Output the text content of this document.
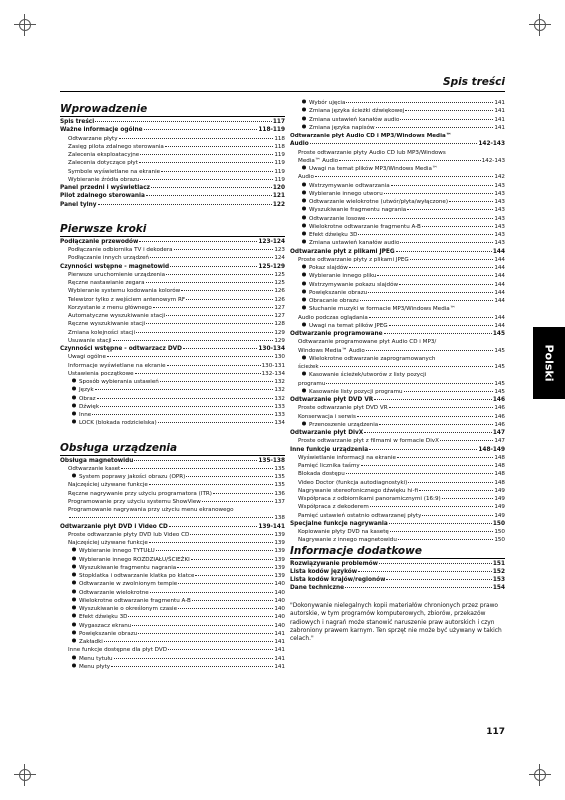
Spis treści
Wprowadzenie
Spis treści	117
Ważne informacje ogólne	118-119
Odtwarzane płyty	118
Zasięg pilota zdalnego sterowania	118
Zalecenia eksploatacyjne	119
Zalecenia dotyczące płyt	119
Symbole wyświetlane na ekranie	119
Wybieranie źródła obrazu	119
Panel przedni i wyświetlacz	120
Pilot zdalnego sterowania	121
Panel tylny	122
Pierwsze kroki
Podłączanie przewodów	123-124
Podłączanie odbiornika TV i dekodera	123
Podłączanie innych urządzeń	124
Czynności wstępne - magnetowid	125-129
Pierwsze uruchomienie urządzenia	125
Ręczne nastawianie zegara	125
Wybieranie systemu kodowania kolorów	126
Telewizor tylko z wejściem antenowym RF	126
Korzystanie z menu głównego	127
Automatyczne wyszukiwanie stacji	127
Ręczne wyszukiwanie stacji	128
Zmiana kolejności stacji	129
Usuwanie stacji	129
Czynności wstępne - odtwarzacz DVD	130-134
Uwagi ogólne	130
Informacje wyświetlane na ekranie	130-131
Ustawienia początkowe	132-134
Sposób wybierania ustawień	132
Język	132
Obraz	132
Dźwięk	133
Inne	133
LOCK (blokada rodzicielska)	134
Obsługa urządzenia
Obsługa magnetowidu	135-138
Odtwarzanie kaset	135
System poprawy jakości obrazu (OPR)	135
Najczęściej używane funkcje	135
Ręczne nagrywanie przy użyciu programatora (ITR)	136
Programowanie przy użyciu systemu ShowView	137
Programowanie nagrywania przy użyciu menu ekranowego
138
Odtwarzanie płyt DVD i Video CD	139-141
Proste odtwarzanie płyty DVD lub Video CD	139
Najczęściej używane funkcje	139
Wybieranie innego TYTUŁU	139
Wybieranie innego ROZDZIAŁU/ŚCIEŻKI	139
Wyszukiwanie fragmentu nagrania	139
Stopklatka i odtwarzanie klatka po klatce	139
Odtwarzanie w zwolnionym tempie	140
Odtwarzanie wielokrotne	140
Wielokrotne odtwarzanie fragmentu A-B	140
Wyszukiwanie o określonym czasie	140
Efekt dźwięku 3D	140
Wygaszacz ekranu	140
Powiększanie obrazu	141
Zakładki	141
Inne funkcje dostępne dla płyt DVD	141
Menu tytułu	141
Menu płyty	141
Wybór ujęcia	141
Zmiana języka ścieżki dźwiękowej	141
Zmiana ustawień kanałów audio	141
Zmiana języka napisów	141
Odtwarzanie płyt Audio CD i MP3/Windows Media™
Audio	142-143
Proste odtwarzanie płyty Audio CD lub MP3/Windows
Media™ Audio	142-143
Uwagi na temat plików MP3/Windows Media™
Audio	142
Wstrzymywanie odtwarzania	143
Wybieranie innego utworu	143
Odtwarzanie wielokrotne (utwór/płyta/wyłączone)	143
Wyszukiwanie fragmentu nagrania	143
Odtwarzanie losowe	143
Wielokrotne odtwarzanie fragmentu A-B	143
Efekt dźwięku 3D	143
Zmiana ustawień kanałów audio	143
Odtwarzanie płyt z plikami JPEG	144
Proste odtwarzanie płyty z plikami JPEG	144
Pokaz slajdów	144
Wybieranie innego pliku	144
Wstrzymywanie pokazu slajdów	144
Powiększanie obrazu	144
Obracanie obrazu	144
Słuchanie muzyki w formacie MP3/Windows Media™
Audio podczas oglądania	144
Uwagi na temat plików JPEG	144
Odtwarzanie programowane	145
Odtwarzanie programowane płyt Audio CD i MP3/
Windows Media™ Audio	145
Wielokrotne odtwarzanie zaprogramowanych
ścieżek	145
Kasowanie ścieżek/utworów z listy pozycji
programu	145
Kasowanie listy pozycji programu	145
Odtwarzanie płyt DVD VR	146
Proste odtwarzanie płyt DVD VR	146
Konserwacja i serwis	146
Przenoszenie urządzenia	146
Odtwarzanie płyt DivX	147
Proste odtwarzanie płyt z filmami w formacie DivX	147
Inne funkcje urządzenia	148-149
Wyświetlanie informacji na ekranie	148
Pamięć licznika taśmy	148
Blokada dostępu	148
Video Doctor (funkcja autodiagnostyki)	148
Nagrywanie stereofonicznego dźwięku hi-fi	149
Współpraca z odbiornikami panoramicznymi (16:9)	149
Współpraca z dekoderem	149
Pamięć ustawień ostatnio odtwarzanej płyty	149
Specjalne funkcje nagrywania	150
Kopiowanie płyty DVD na kasetę	150
Nagrywanie z innego magnetowidu	150
Informacje dodatkowe
Rozwiązywanie problemów	151
Lista kodów języków	152
Lista kodów krajów/regionów	153
Dane techniczne	154
"Dokonywanie nielegalnych kopii materiałów chronionych przez prawo autorskie, w tym programów komputerowych, zbiorów, przekazów radiowych i nagrań może stanowić naruszenie praw autorskich i czyn zabroniony prawem karnym. Ten sprzęt nie może być używany w takich celach."
Polski
117
